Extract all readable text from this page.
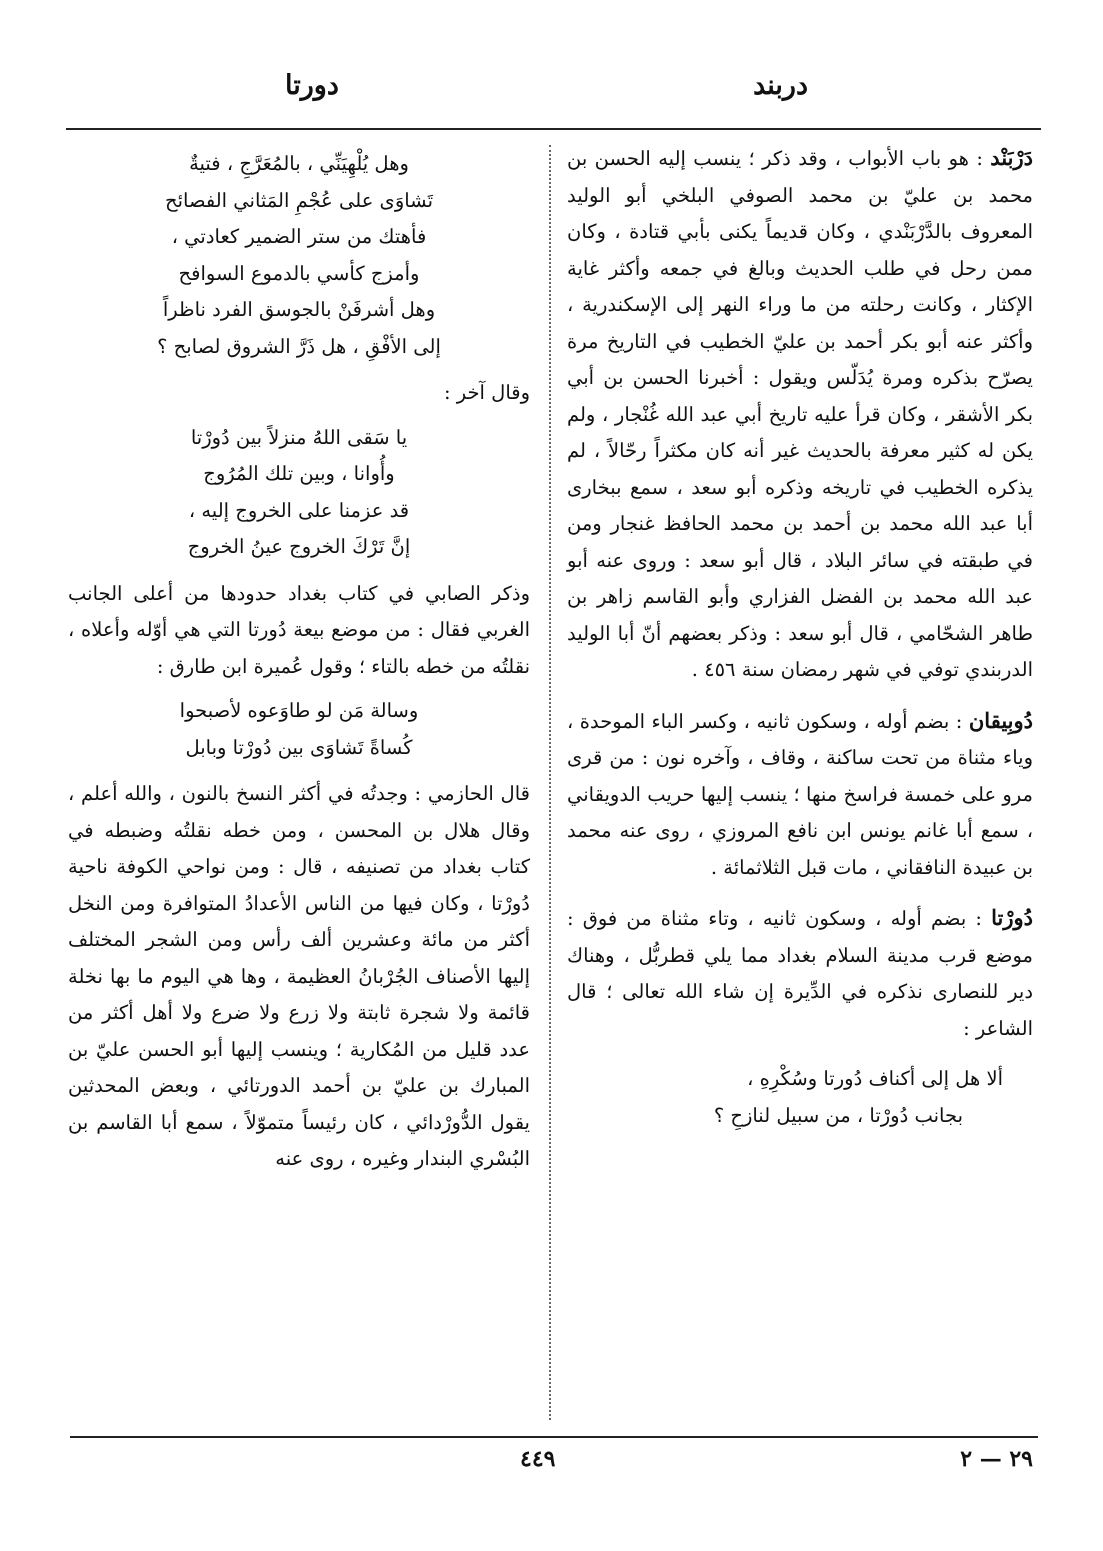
دربند
دورتا

دَرْبَنْد : هو باب الأبواب ، وقد ذكر ؛ ينسب إليه الحسن بن محمد بن عليّ بن محمد الصوفي البلخي أبو الوليد المعروف بالدَّرْبَنْدي ، وكان قديماً يكنى بأبي قتادة ، وكان ممن رحل في طلب الحديث وبالغ في جمعه وأكثر غاية الإكثار ، وكانت رحلته من ما وراء النهر إلى الإسكندرية ، وأكثر عنه أبو بكر أحمد بن عليّ الخطيب في التاريخ مرة يصرّح بذكره ومرة يُدَلّس ويقول : أخبرنا الحسن بن أبي بكر الأشقر ، وكان قرأ عليه تاريخ أبي عبد الله غُنْجار ، ولم يكن له كثير معرفة بالحديث غير أنه كان مكثراً رحّالاً ، لم يذكره الخطيب في تاريخه وذكره أبو سعد ، سمع ببخارى أبا عبد الله محمد بن أحمد بن محمد الحافظ غنجار ومن في طبقته في سائر البلاد ، قال أبو سعد : وروى عنه أبو عبد الله محمد بن الفضل الفزاري وأبو القاسم زاهر بن طاهر الشحّامي ، قال أبو سعد : وذكر بعضهم أنّ أبا الوليد الدربندي توفي في شهر رمضان سنة ٤٥٦ .

دُوبِيقان : بضم أوله ، وسكون ثانيه ، وكسر الباء الموحدة ، وياء مثناة من تحت ساكنة ، وقاف ، وآخره نون : من قرى مرو على خمسة فراسخ منها ؛ ينسب إليها حريب الدويقاني ، سمع أبا غانم يونس ابن نافع المروزي ، روى عنه محمد بن عبيدة النافقاني ، مات قبل الثلاثمائة .

دُورْتا : بضم أوله ، وسكون ثانيه ، وتاء مثناة من فوق : موضع قرب مدينة السلام بغداد مما يلي قطربُّل ، وهناك دير للنصارى نذكره في الدِّيرة إن شاء الله تعالى ؛ قال الشاعر :

ألا هل إلى أكناف دُورتا وسُكْرِهِ ،
بجانب دُورْتا ، من سبيل لنازحِ ؟
وهل يُلْهِيَنِّي ، بالمُعَرَّجِ ، فتيةٌ
تَشاوَى على عُجْمِ المَثاني الفصائح
فأهتك من ستر الضمير كعادتي ،
وأمزج كأسي بالدموع السوافح
وهل أشرفَنْ بالجوسق الفرد ناظراً
إلى الأفْقِ ، هل ذَرَّ الشروق لصابح ؟

وقال آخر :

يا سَقى اللهُ منزلاً بين دُورْتا
وأُوانا ، وبين تلك المُرُوج
قد عزمنا على الخروج إليه ،
إنَّ تَرْكَ الخروج عينُ الخروج

وذكر الصابي في كتاب بغداد حدودها من أعلى الجانب الغربي فقال : من موضع بيعة دُورتا التي هي أوّله وأعلاه ، نقلتُه من خطه بالتاء ؛ وقول عُميرة ابن طارق :

وسالة مَن لو طاوَعوه لأصبحوا
كُساةً تَشاوَى بين دُورْتا وبابل

قال الحازمي : وجدتُه في أكثر النسخ بالنون ، والله أعلم ، وقال هلال بن المحسن ، ومن خطه نقلتُه وضبطه في كتاب بغداد من تصنيفه ، قال : ومن نواحي الكوفة ناحية دُورْتا ، وكان فيها من الناس الأعدادُ المتوافرة ومن النخل أكثر من مائة وعشرين ألف رأس ومن الشجر المختلف إليها الأصناف الجُرْبانُ العظيمة ، وها هي اليوم ما بها نخلة قائمة ولا شجرة ثابتة ولا زرع ولا ضرع ولا أهل أكثر من عدد قليل من المُكارية ؛ وينسب إليها أبو الحسن عليّ بن المبارك بن عليّ بن أحمد الدورتائي ، وبعض المحدثين يقول الدُّورْدائي ، كان رئيساً متموّلاً ، سمع أبا القاسم بن البُسْري البندار وغيره ، روى عنه

٤٤٩	٢٩ — ٢
